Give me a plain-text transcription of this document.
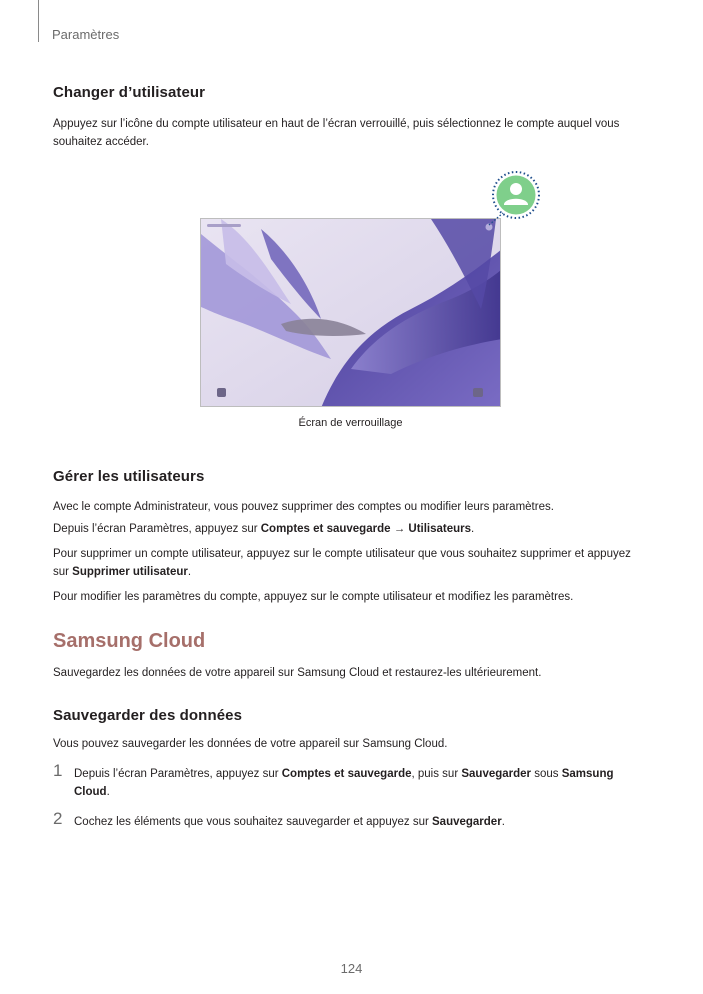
Paramètres
Changer d’utilisateur
Appuyez sur l’icône du compte utilisateur en haut de l’écran verrouillé, puis sélectionnez le compte auquel vous souhaitez accéder.
Écran de verrouillage
Gérer les utilisateurs
Avec le compte Administrateur, vous pouvez supprimer des comptes ou modifier leurs paramètres.
Depuis l’écran Paramètres, appuyez sur Comptes et sauvegarde → Utilisateurs.
Pour supprimer un compte utilisateur, appuyez sur le compte utilisateur que vous souhaitez supprimer et appuyez sur Supprimer utilisateur.
Pour modifier les paramètres du compte, appuyez sur le compte utilisateur et modifiez les paramètres.
Samsung Cloud
Sauvegardez les données de votre appareil sur Samsung Cloud et restaurez-les ultérieurement.
Sauvegarder des données
Vous pouvez sauvegarder les données de votre appareil sur Samsung Cloud.
1 Depuis l’écran Paramètres, appuyez sur Comptes et sauvegarde, puis sur Sauvegarder sous Samsung Cloud.
2 Cochez les éléments que vous souhaitez sauvegarder et appuyez sur Sauvegarder.
124
